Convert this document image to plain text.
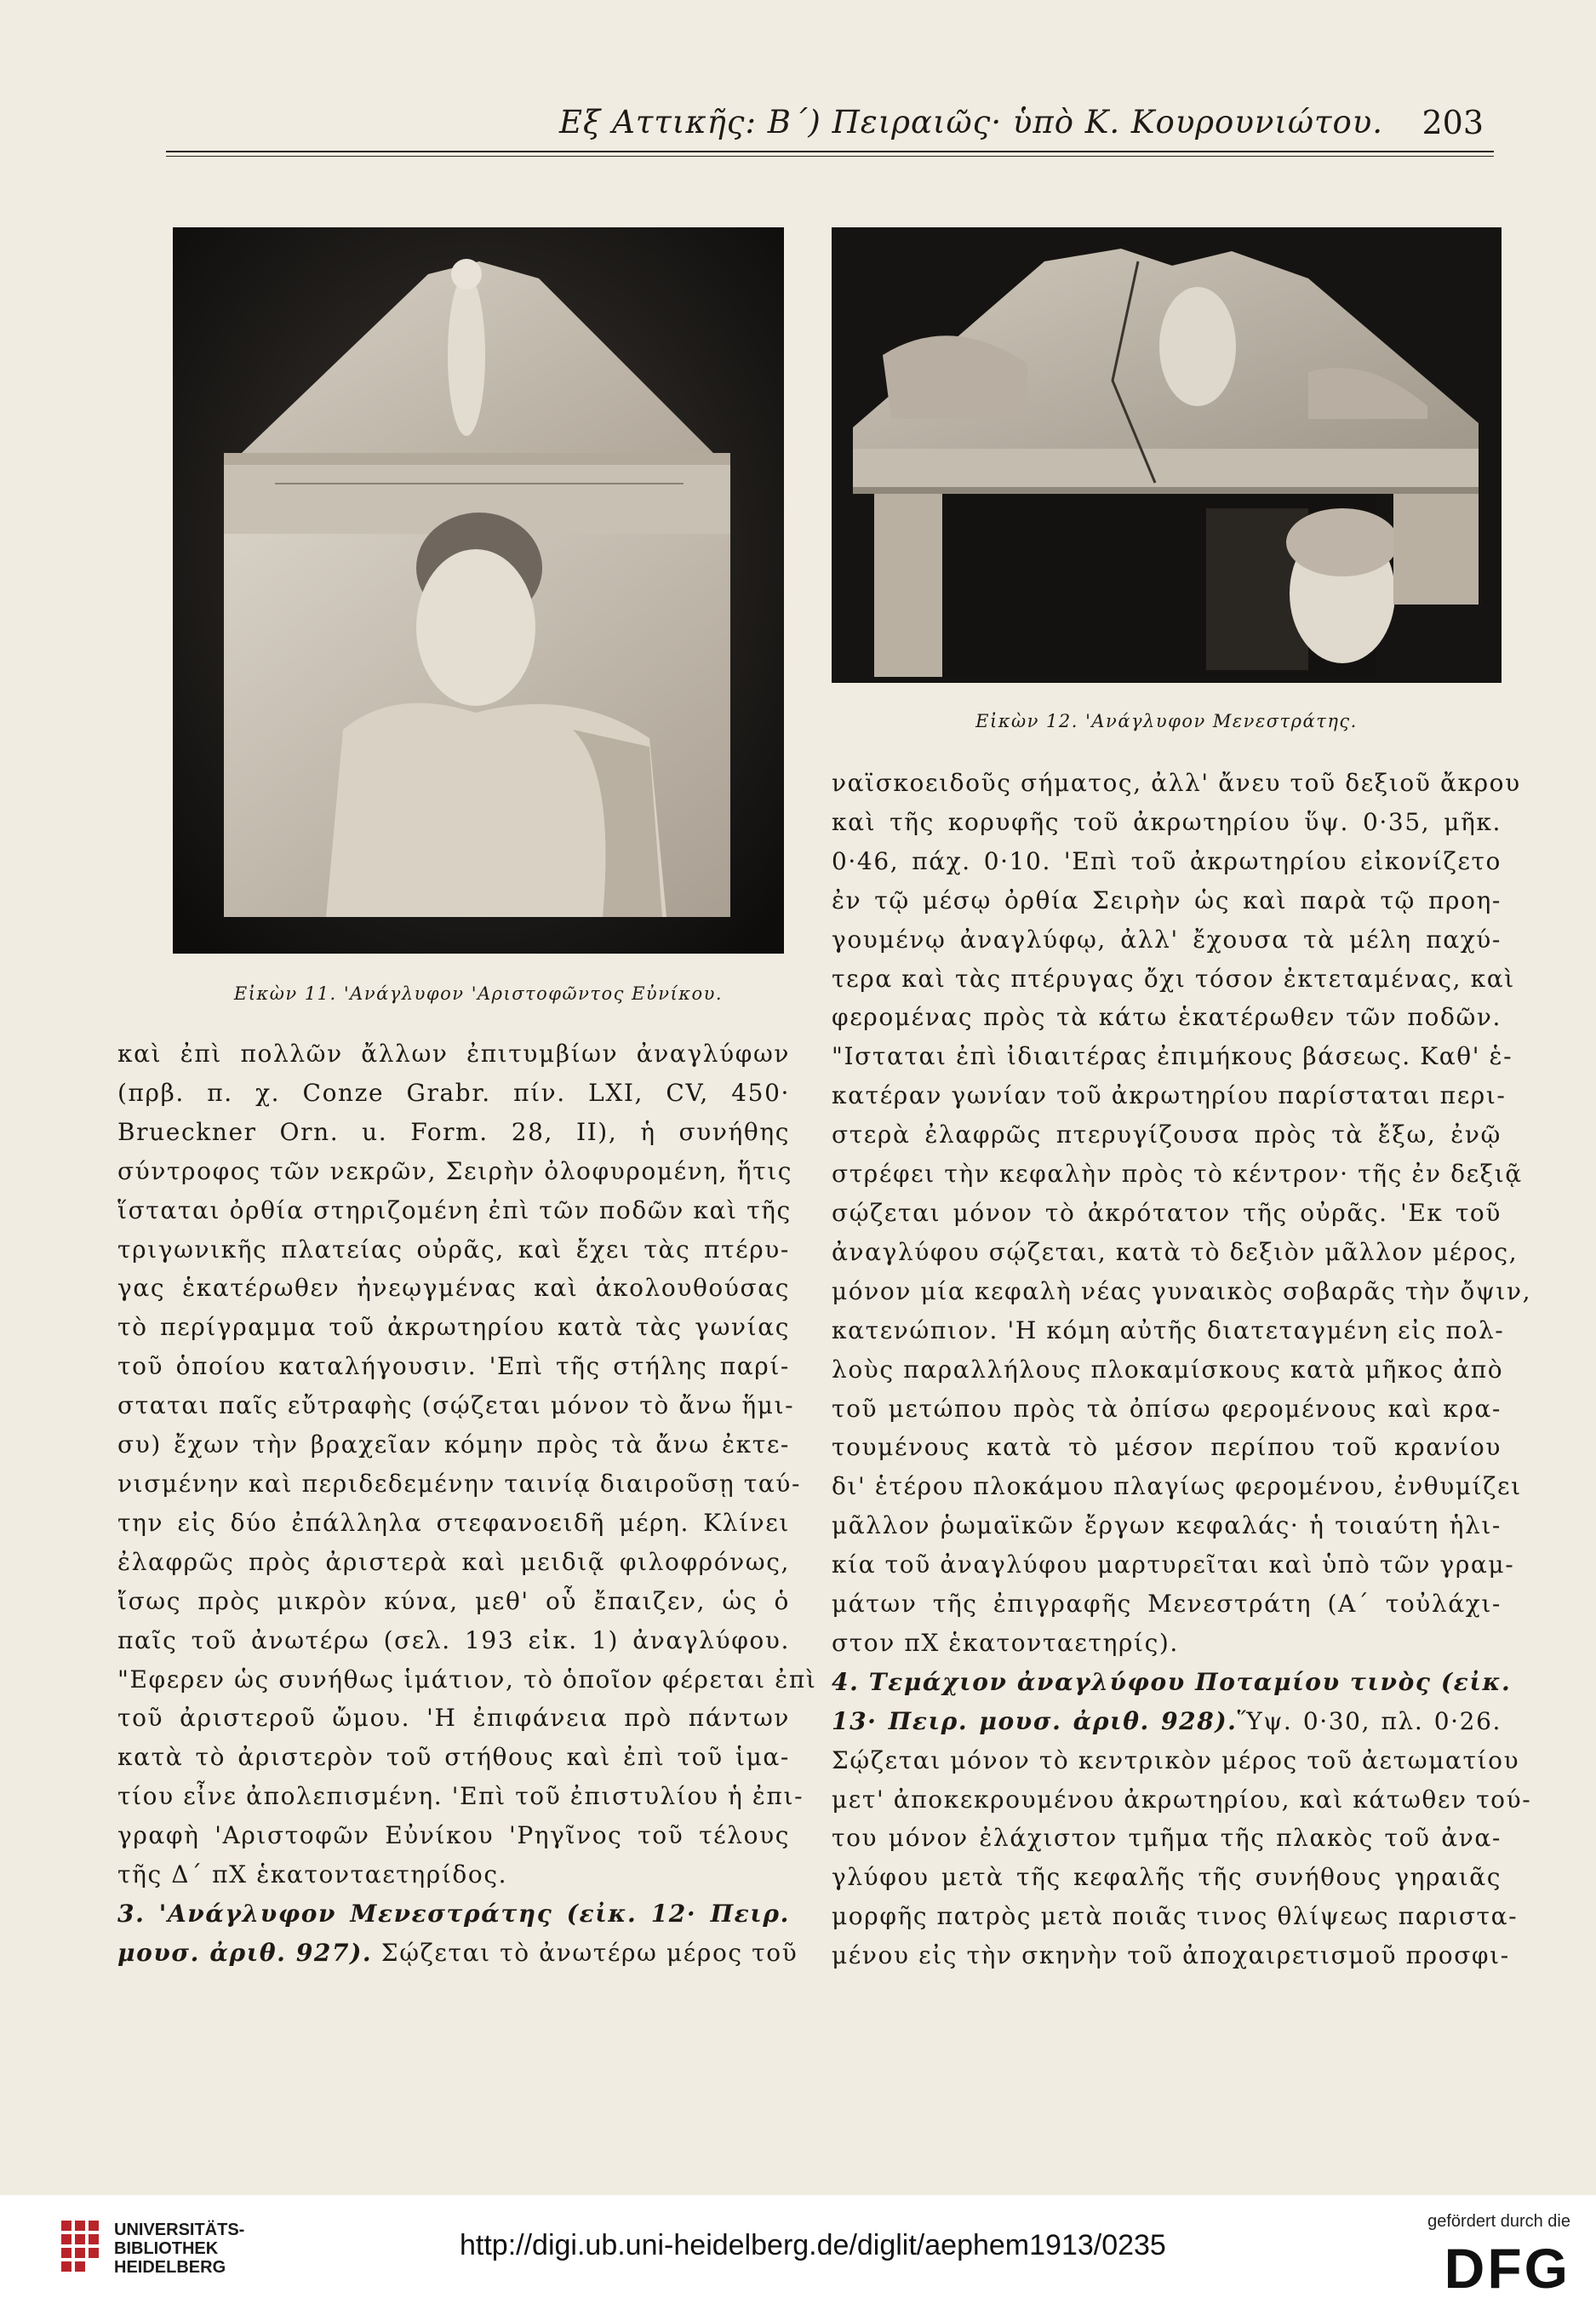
Εξ Αττικῆς: Β΄) Πειραιῶς· ὑπὸ Κ. Κουρουνιώτου. 203
Εἰκὼν 11. 'Ανάγλυφον 'Αριστοφῶντος Εὐνίκου.
Εἰκὼν 12. 'Ανάγλυφον Μενεστράτης.

καὶ ἐπὶ πολλῶν ἄλλων ἐπιτυμβίων ἀναγλύφων
(πρβ. π. χ. Conze Grabr. πίν. LXI, CV, 450·
Brueckner Orn. u. Form. 28, II), ἡ συνήθης
σύντροφος τῶν νεκρῶν, Σειρὴν ὀλοφυρομένη, ἥτις
ἵσταται ὀρθία στηριζομένη ἐπὶ τῶν ποδῶν καὶ τῆς
τριγωνικῆς πλατείας οὐρᾶς, καὶ ἔχει τὰς πτέρυ-
γας ἑκατέρωθεν ἠνεῳγμένας καὶ ἀκολουθούσας
τὸ περίγραμμα τοῦ ἀκρωτηρίου κατὰ τὰς γωνίας
τοῦ ὁποίου καταλήγουσιν. 'Επὶ τῆς στήλης παρί-
σταται παῖς εὔτραφὴς (σῴζεται μόνον τὸ ἄνω ἥμι-
συ) ἔχων τὴν βραχεῖαν κόμην πρὸς τὰ ἄνω ἐκτε-
νισμένην καὶ περιδεδεμένην ταινίᾳ διαιροῦσῃ ταύ-
την εἰς δύο ἐπάλληλα στεφανοειδῆ μέρη. Κλίνει
ἐλαφρῶς πρὸς ἀριστερὰ καὶ μειδιᾷ φιλοφρόνως,
ἴσως πρὸς μικρὸν κύνα, μεθ' οὗ ἔπαιζεν, ὡς ὁ
παῖς τοῦ ἀνωτέρω (σελ. 193 εἰκ. 1) ἀναγλύφου.
"Εφερεν ὡς συνήθως ἱμάτιον, τὸ ὁποῖον φέρεται ἐπὶ
τοῦ ἀριστεροῦ ὤμου. 'Η ἐπιφάνεια πρὸ πάντων
κατὰ τὸ ἀριστερὸν τοῦ στήθους καὶ ἐπὶ τοῦ ἱμα-
τίου εἶνε ἀπολεπισμένη. 'Επὶ τοῦ ἐπιστυλίου ἡ ἐπι-
γραφὴ 'Αριστοφῶν Εὐνίκου 'Ρηγῖνος τοῦ τέλους
τῆς Δ΄ πΧ ἑκατονταετηρίδος.

3. 'Ανάγλυφον Μενεστράτης (εἰκ. 12· Πειρ.
μουσ. ἀριθ. 927). Σῴζεται τὸ ἀνωτέρω μέρος τοῦ

ναϊσκοειδοῦς σήματος, ἀλλ' ἄνευ τοῦ δεξιοῦ ἄκρου
καὶ τῆς κορυφῆς τοῦ ἀκρωτηρίου ὕψ. 0·35, μῆκ.
0·46, πάχ. 0·10. 'Επὶ τοῦ ἀκρωτηρίου εἰκονίζετο
ἐν τῷ μέσῳ ὀρθία Σειρὴν ὡς καὶ παρὰ τῷ προη-
γουμένῳ ἀναγλύφῳ, ἀλλ' ἔχουσα τὰ μέλη παχύ-
τερα καὶ τὰς πτέρυγας ὄχι τόσον ἐκτεταμένας, καὶ
φερομένας πρὸς τὰ κάτω ἑκατέρωθεν τῶν ποδῶν.
"Ισταται ἐπὶ ἰδιαιτέρας ἐπιμήκους βάσεως. Καθ' ἑ-
κατέραν γωνίαν τοῦ ἀκρωτηρίου παρίσταται περι-
στερὰ ἐλαφρῶς πτερυγίζουσα πρὸς τὰ ἔξω, ἐνῷ
στρέφει τὴν κεφαλὴν πρὸς τὸ κέντρον· τῆς ἐν δεξιᾷ
σῴζεται μόνον τὸ ἀκρότατον τῆς οὐρᾶς. 'Εκ τοῦ
ἀναγλύφου σῴζεται, κατὰ τὸ δεξιὸν μᾶλλον μέρος,
μόνον μία κεφαλὴ νέας γυναικὸς σοβαρᾶς τὴν ὄψιν,
κατενώπιον. 'Η κόμη αὐτῆς διατεταγμένη εἰς πολ-
λοὺς παραλλήλους πλοκαμίσκους κατὰ μῆκος ἀπὸ
τοῦ μετώπου πρὸς τὰ ὀπίσω φερομένους καὶ κρα-
τουμένους κατὰ τὸ μέσον περίπου τοῦ κρανίου
δι' ἑτέρου πλοκάμου πλαγίως φερομένου, ἐνθυμίζει
μᾶλλον ῥωμαϊκῶν ἔργων κεφαλάς· ἡ τοιαύτη ἡλι-
κία τοῦ ἀναγλύφου μαρτυρεῖται καὶ ὑπὸ τῶν γραμ-
μάτων τῆς ἐπιγραφῆς Μενεστράτη (Α΄ τοὐλάχι-
στον πΧ ἑκατονταετηρίς).

4. Τεμάχιον ἀναγλύφου Ποταμίου τινὸς (εἰκ.
13· Πειρ. μουσ. ἀριθ. 928).Ὕψ. 0·30, πλ. 0·26.
Σῴζεται μόνον τὸ κεντρικὸν μέρος τοῦ ἀετωματίου
μετ' ἀποκεκρουμένου ἀκρωτηρίου, καὶ κάτωθεν τού-
του μόνον ἐλάχιστον τμῆμα τῆς πλακὸς τοῦ ἀνα-
γλύφου μετὰ τῆς κεφαλῆς τῆς συνήθους γηραιᾶς
μορφῆς πατρὸς μετὰ ποιᾶς τινος θλίψεως παριστα-
μένου εἰς τὴν σκηνὴν τοῦ ἀποχαιρετισμοῦ προσφι-

UNIVERSITÄTS-
BIBLIOTHEK
HEIDELBERG
http://digi.ub.uni-heidelberg.de/diglit/aephem1913/0235
gefördert durch die
DFG
